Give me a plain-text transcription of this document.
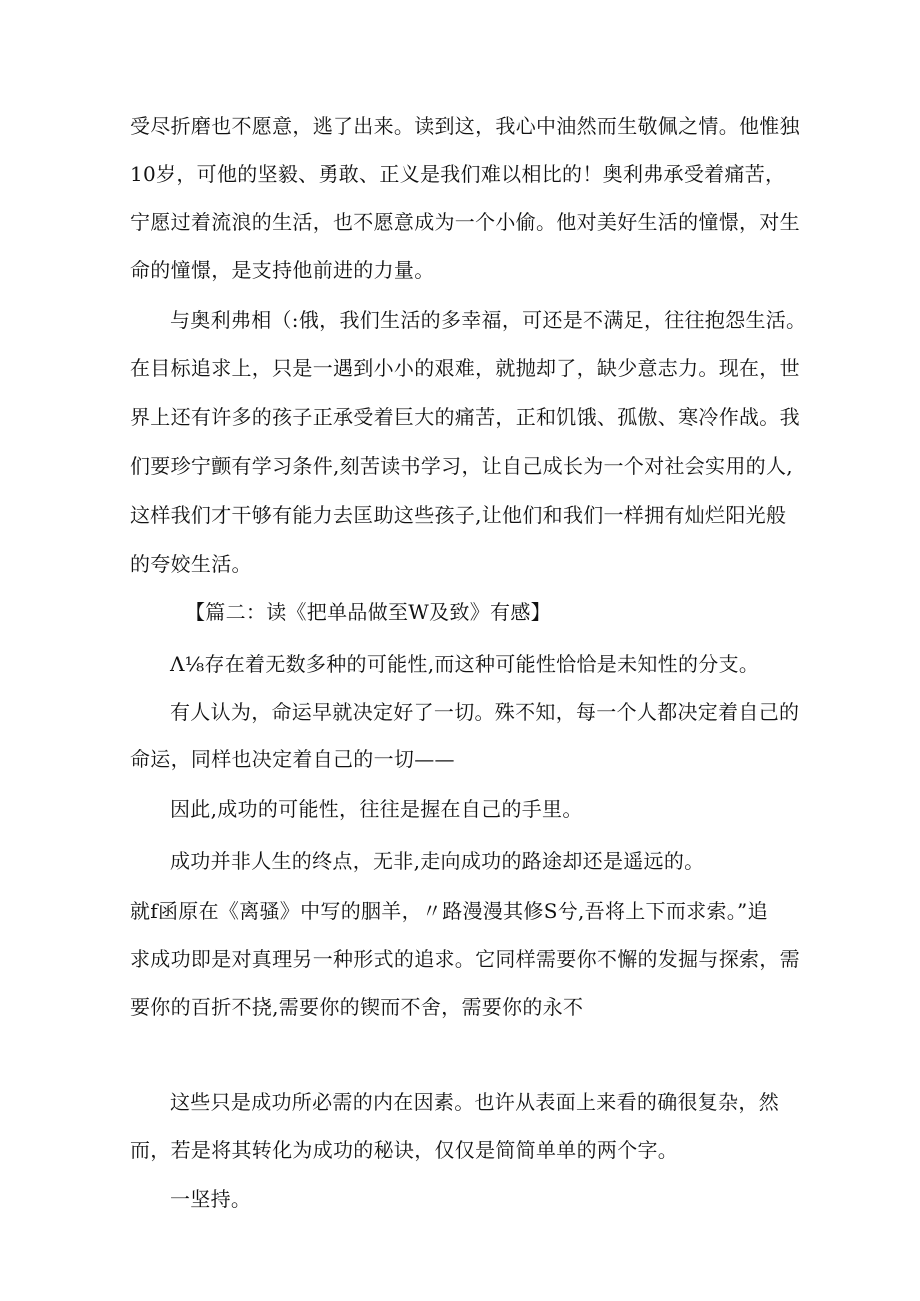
受尽折磨也不愿意，逃了出来。读到这，我心中油然而生敬佩之情。他惟独
10岁，可他的坚毅、勇敢、正义是我们难以相比的！奥利弗承受着痛苦，
宁愿过着流浪的生活，也不愿意成为一个小偷。他对美好生活的憧憬，对生
命的憧憬，是支持他前进的力量。
与奥利弗相（:俄，我们生活的多幸福，可还是不满足，往往抱怨生活。
在目标追求上，只是一遇到小小的艰难，就抛却了，缺少意志力。现在，世
界上还有许多的孩子正承受着巨大的痛苦，正和饥饿、孤傲、寒冷作战。我
们要珍宁颤有学习条件,刻苦读书学习，让自己成长为一个对社会实用的人,
这样我们才干够有能力去匡助这些孩子,让他们和我们一样拥有灿烂阳光般
的夸姣生活。
【篇二：读《把单品做至W及致》有感】
Λ⅛存在着无数多种的可能性,而这种可能性恰恰是未知性的分支。
有人认为，命运早就决定好了一切。殊不知，每一个人都决定着自己的
命运，同样也决定着自己的一切——
因此,成功的可能性，往往是握在自己的手里。
成功并非人生的终点，无非,走向成功的路途却还是遥远的。
就f函原在《离骚》中写的胭羊，〃路漫漫其修S兮,吾将上下而求索。”追
求成功即是对真理另一种形式的追求。它同样需要你不懈的发掘与探索，需
要你的百折不挠,需要你的锲而不舍，需要你的永不
这些只是成功所必需的内在因素。也许从表面上来看的确很复杂，然
而，若是将其转化为成功的秘诀，仅仅是简简单单的两个字。
一坚持。
